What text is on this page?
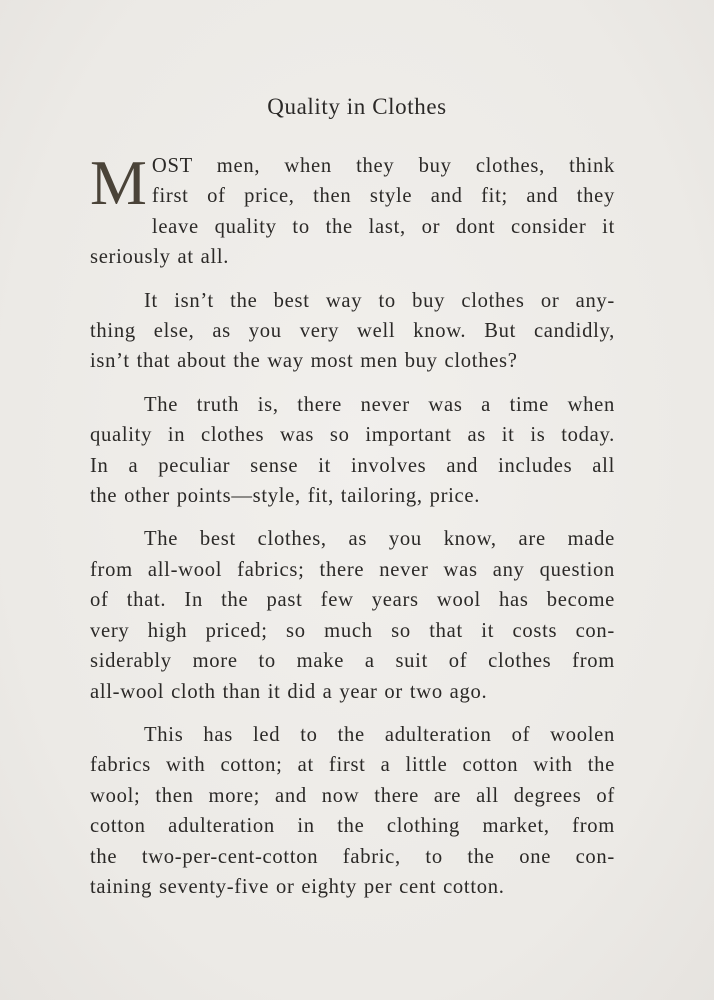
Quality in Clothes
M OST men, when they buy clothes, think
first of price, then style and fit; and they
leave quality to the last, or dont consider it
seriously at all.
It isn’t the best way to buy clothes or any-
thing else, as you very well know. But candidly,
isn’t that about the way most men buy clothes?
The truth is, there never was a time when
quality in clothes was so important as it is today.
In a peculiar sense it involves and includes all
the other points—style, fit, tailoring, price.
The best clothes, as you know, are made
from all-wool fabrics; there never was any question
of that. In the past few years wool has become
very high priced; so much so that it costs con-
siderably more to make a suit of clothes from
all-wool cloth than it did a year or two ago.
This has led to the adulteration of woolen
fabrics with cotton; at first a little cotton with the
wool; then more; and now there are all degrees of
cotton adulteration in the clothing market, from
the two-per-cent-cotton fabric, to the one con-
taining seventy-five or eighty per cent cotton.
